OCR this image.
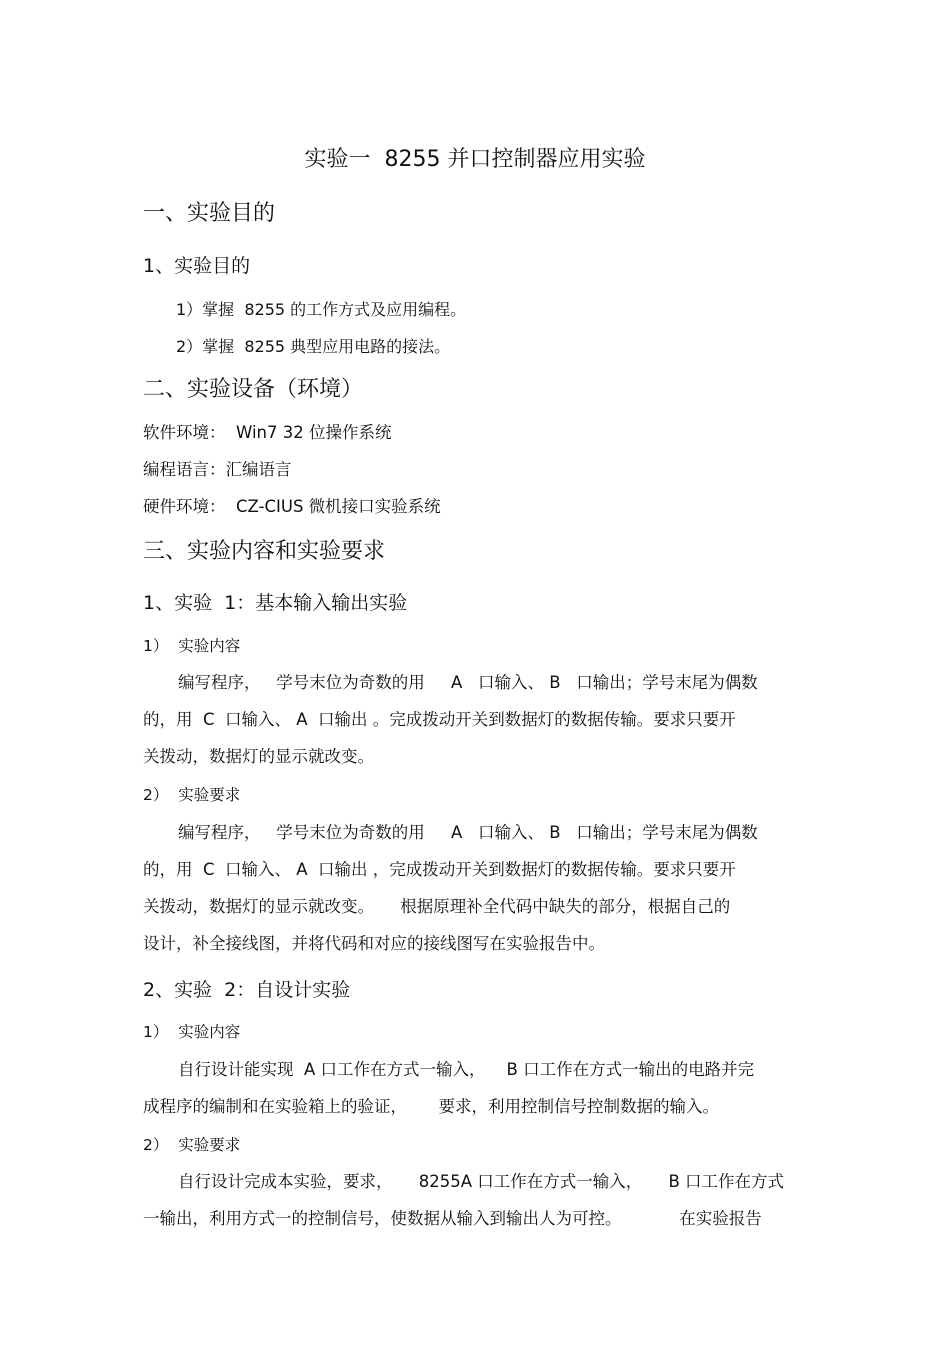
实验一  8255 并口控制器应用实验
一、实验目的
1、实验目的
1）掌握  8255 的工作方式及应用编程。
2）掌握  8255 典型应用电路的接法。
二、实验设备（环境）
软件环境：  Win7 32 位操作系统
编程语言：汇编语言
硬件环境：  CZ-CIUS 微机接口实验系统
三、实验内容和实验要求
1、实验  1：基本输入输出实验
1）  实验内容
编写程序，   学号末位为奇数的用     A   口输入、 B   口输出；学号末尾为偶数
的，用  C  口输入、 A  口输出 。完成拨动开关到数据灯的数据传输。要求只要开
关拨动，数据灯的显示就改变。
2）  实验要求
编写程序，   学号末位为奇数的用     A   口输入、 B   口输出；学号末尾为偶数
的，用  C  口输入、 A  口输出 ，完成拨动开关到数据灯的数据传输。要求只要开
关拨动，数据灯的显示就改变。     根据原理补全代码中缺失的部分，根据自己的
设计，补全接线图，并将代码和对应的接线图写在实验报告中。
2、实验  2：自设计实验
1）  实验内容
自行设计能实现  A 口工作在方式一输入，    B 口工作在方式一输出的电路并完
成程序的编制和在实验箱上的验证，      要求，利用控制信号控制数据的输入。
2）  实验要求
自行设计完成本实验，要求，     8255A 口工作在方式一输入，     B 口工作在方式
一输出，利用方式一的控制信号，使数据从输入到输出人为可控。           在实验报告
